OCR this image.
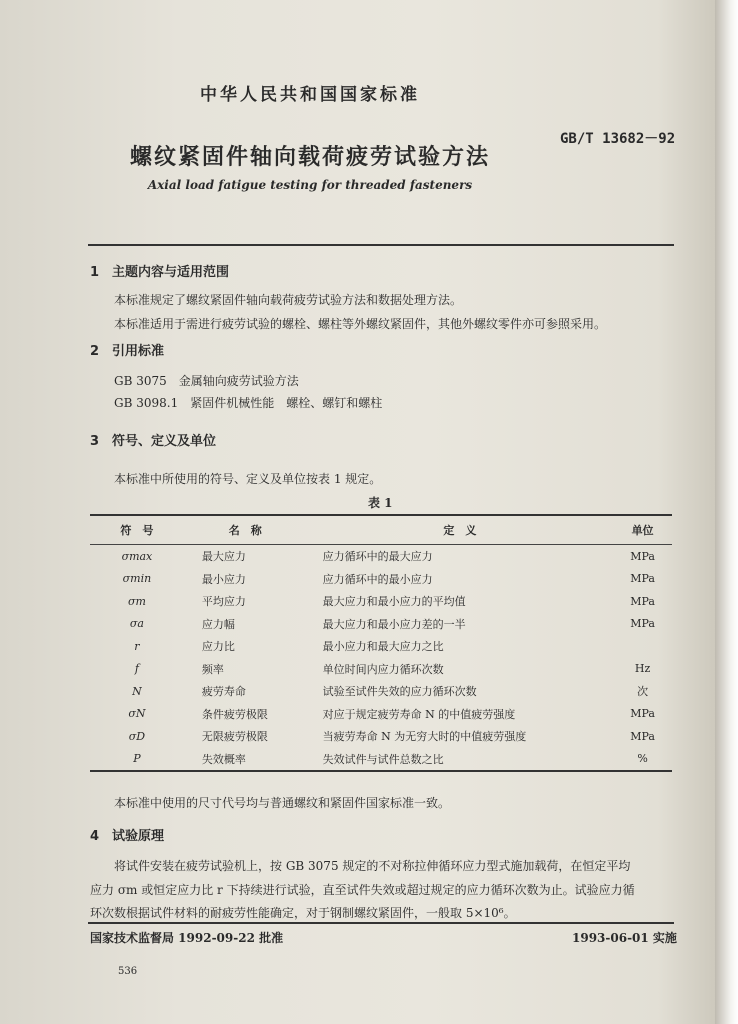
中华人民共和国国家标准
GB/T 13682－92
螺纹紧固件轴向载荷疲劳试验方法
Axial load fatigue testing for threaded fasteners
1　主题内容与适用范围
本标准规定了螺纹紧固件轴向载荷疲劳试验方法和数据处理方法。
本标准适用于需进行疲劳试验的螺栓、螺柱等外螺纹紧固件，其他外螺纹零件亦可参照采用。
2　引用标准
GB 3075　金属轴向疲劳试验方法
GB 3098.1　紧固件机械性能　螺栓、螺钉和螺柱
3　符号、定义及单位
本标准中所使用的符号、定义及单位按表 1 规定。
表 1
符　号	名　称	定　义	单位
σmax	最大应力	应力循环中的最大应力	MPa
σmin	最小应力	应力循环中的最小应力	MPa
σm	平均应力	最大应力和最小应力的平均值	MPa
σa	应力幅	最大应力和最小应力差的一半	MPa
r	应力比	最小应力和最大应力之比	
f	频率	单位时间内应力循环次数	Hz
N	疲劳寿命	试验至试件失效的应力循环次数	次
σN	条件疲劳极限	对应于规定疲劳寿命 N 的中值疲劳强度	MPa
σD	无限疲劳极限	当疲劳寿命 N 为无穷大时的中值疲劳强度	MPa
P	失效概率	失效试件与试件总数之比	%
本标准中使用的尺寸代号均与普通螺纹和紧固件国家标准一致。
4　试验原理
将试件安装在疲劳试验机上，按 GB 3075 规定的不对称拉伸循环应力型式施加载荷，在恒定平均
应力 σm 或恒定应力比 r 下持续进行试验，直至试件失效或超过规定的应力循环次数为止。试验应力循
环次数根据试件材料的耐疲劳性能确定，对于钢制螺纹紧固件，一般取 5×10⁶。
国家技术监督局 1992-09-22 批准	1993-06-01 实施
536
